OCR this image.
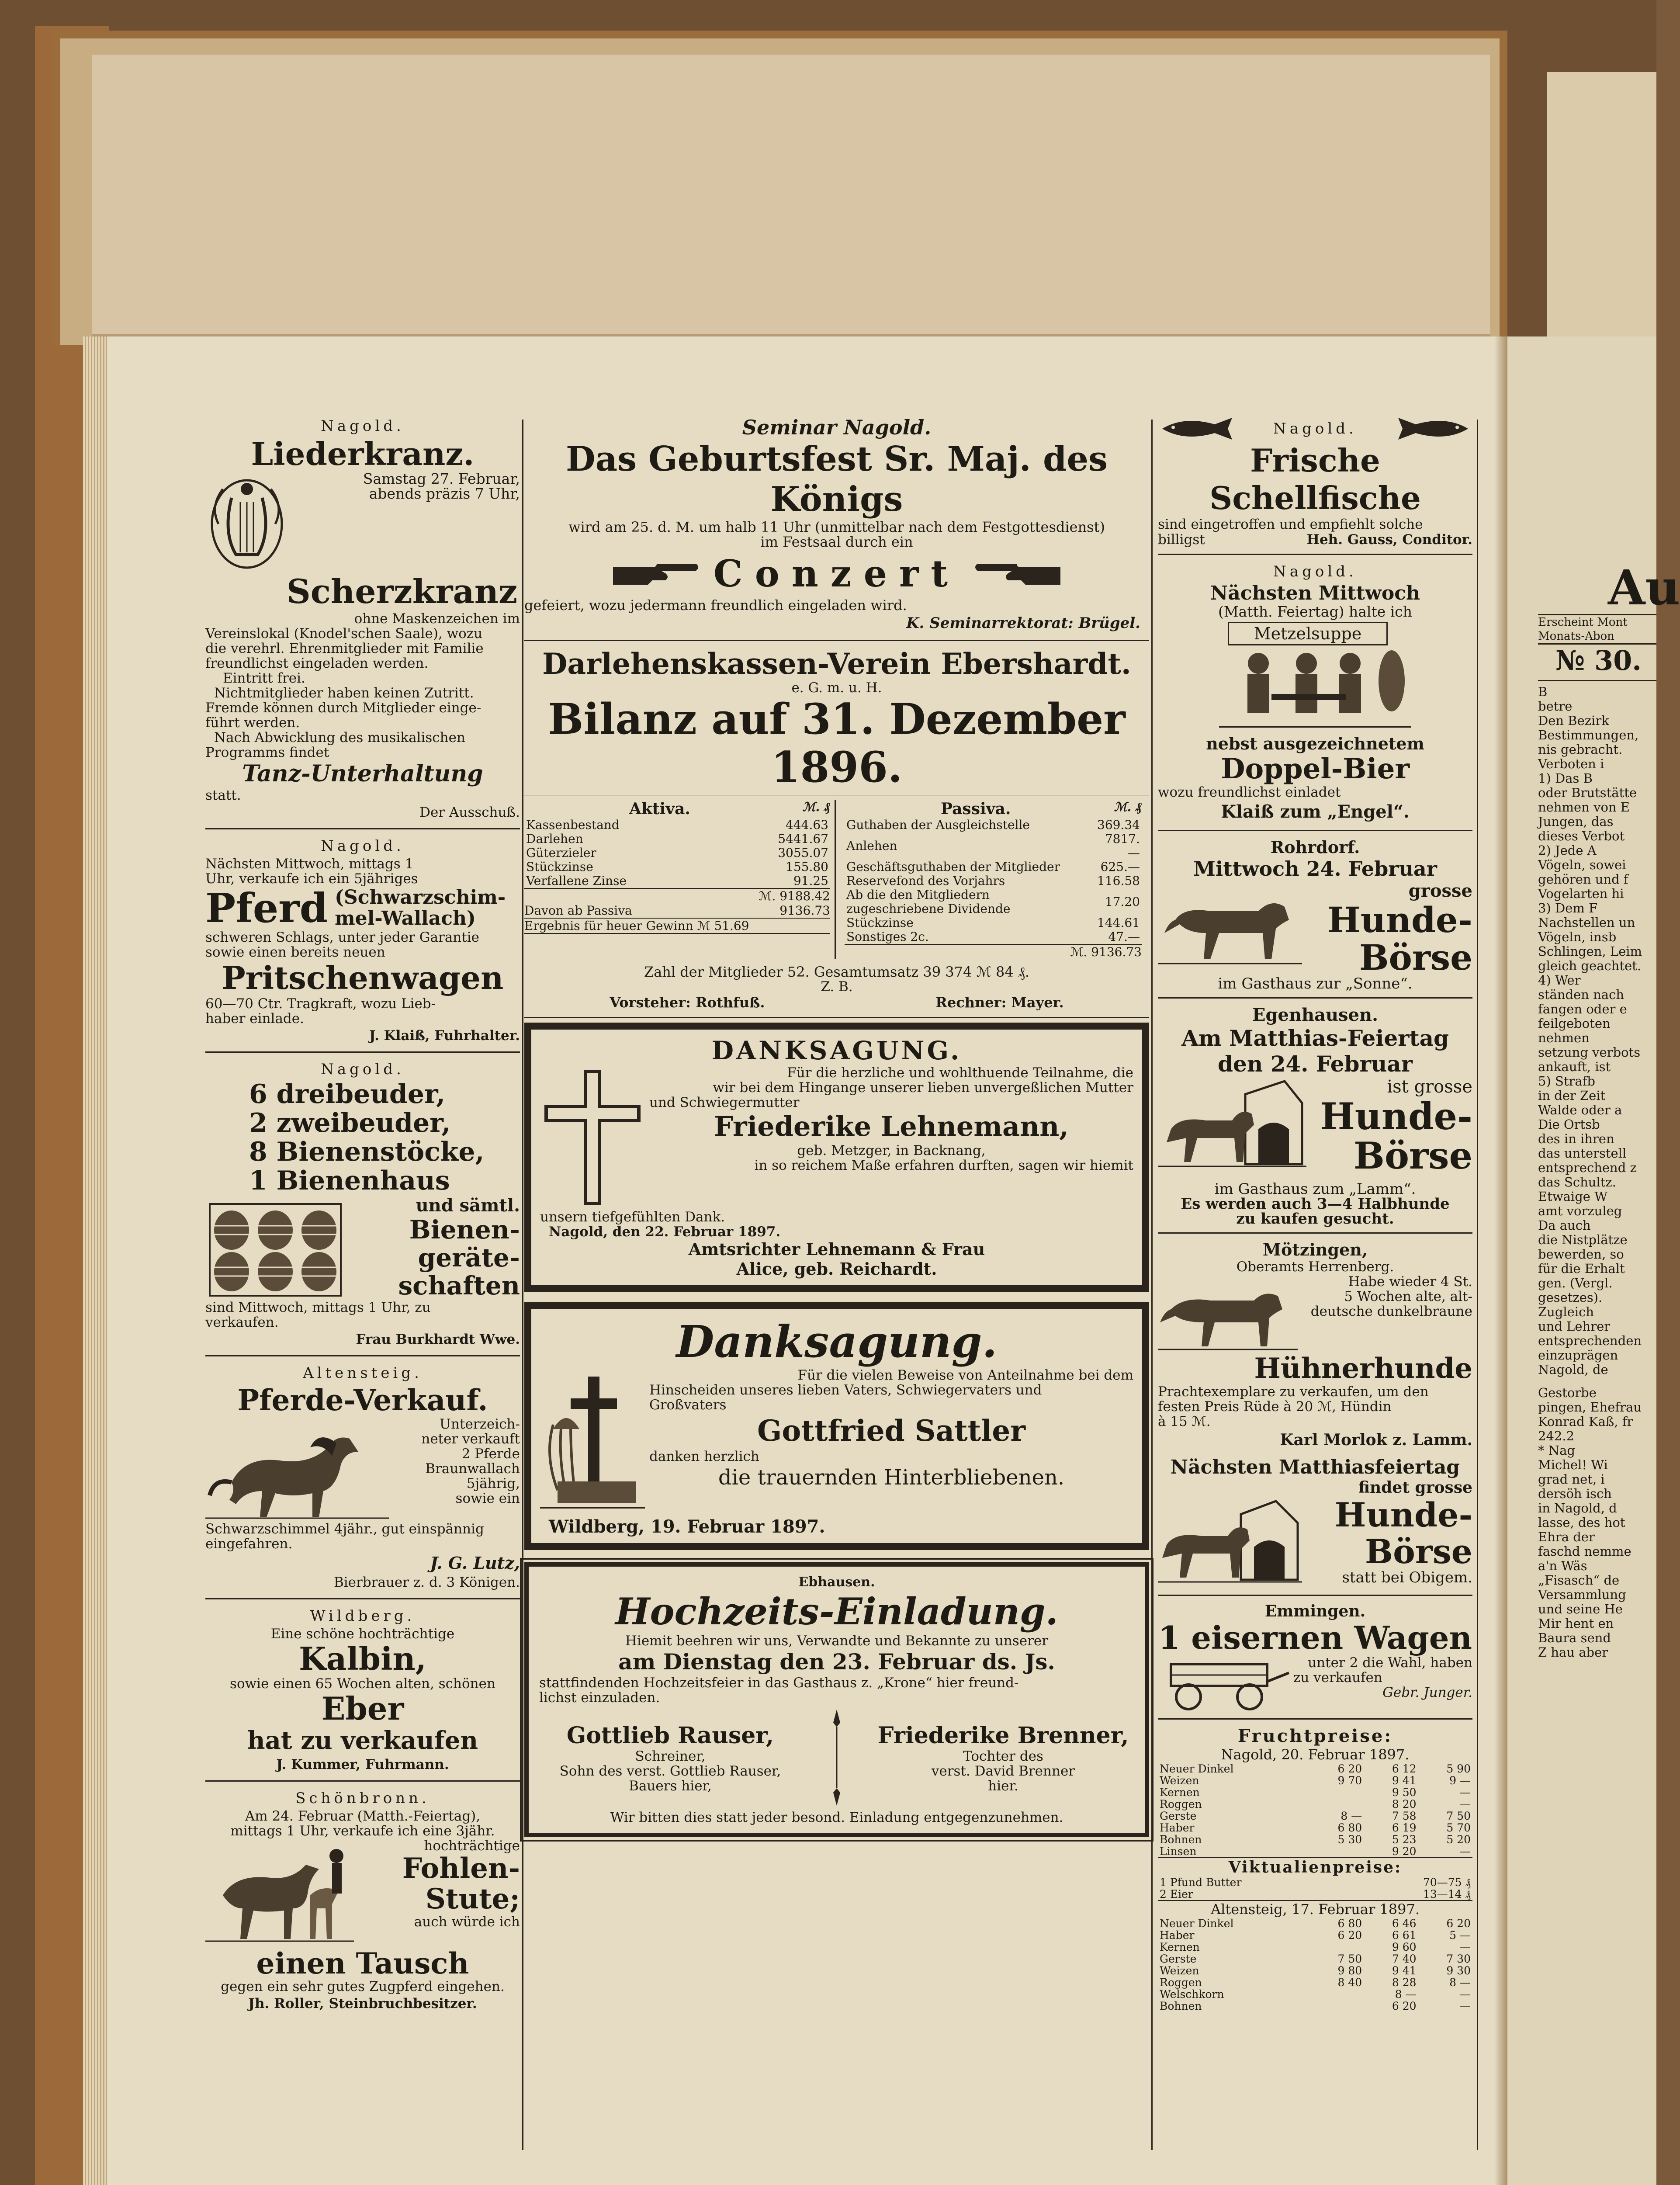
Nagold.
Liederkranz.
Samstag 27. Februar,
abends präzis 7 Uhr,
Scherzkranz
ohne Maskenzeichen im
Vereinslokal (Knodel'schen Saale), wozu
die verehrl. Ehrenmitglieder mit Familie
freundlichst eingeladen werden.
Eintritt frei.
Nichtmitglieder haben keinen Zutritt.
Fremde können durch Mitglieder einge-
führt werden.
Nach Abwicklung des musikalischen
Programms findet
Tanz-Unterhaltung
statt.
Der Ausschuß.
Nagold.
Nächsten Mittwoch, mittags 1
Uhr, verkaufe ich ein 5jähriges
Pferd (Schwarzschim-mel-Wallach)
schweren Schlags, unter jeder Garantie
sowie einen bereits neuen
Pritschenwagen
60—70 Ctr. Tragkraft, wozu Lieb-
haber einlade.
J. Klaiß, Fuhrhalter.
Nagold.
6 dreibeuder,
2 zweibeuder,
8 Bienenstöcke,
1 Bienenhaus
und sämtl.
Bienen-
geräte-
schaften
sind Mittwoch, mittags 1 Uhr, zu
verkaufen.
Frau Burkhardt Wwe.
Altensteig.
Pferde-Verkauf.
Unterzeich-
neter verkauft
2 Pferde
Braunwallach
5jährig,
sowie ein
Schwarzschimmel 4jähr., gut einspännig
eingefahren.
J. G. Lutz,
Bierbrauer z. d. 3 Königen.
Wildberg.
Eine schöne hochträchtige
Kalbin,
sowie einen 65 Wochen alten, schönen
Eber
hat zu verkaufen
J. Kummer, Fuhrmann.
Schönbronn.
Am 24. Februar (Matth.-Feiertag),
mittags 1 Uhr, verkaufe ich eine 3jähr.
hochträchtige
Fohlen-
Stute;
auch würde ich
einen Tausch
gegen ein sehr gutes Zugpferd eingehen.
Jh. Roller, Steinbruchbesitzer.
Seminar Nagold.
Das Geburtsfest Sr. Maj. des Königs
wird am 25. d. M. um halb 11 Uhr (unmittelbar nach dem Festgottesdienst)
im Festsaal durch ein
Conzert
gefeiert, wozu jedermann freundlich eingeladen wird.
K. Seminarrektorat: Brügel.
Darlehenskassen-Verein Ebershardt.
e. G. m. u. H.
Bilanz auf 31. Dezember 1896.
Aktiva.	ℳ. ₰
Kassenbestand	444.63
Darlehen	5441.67
Güterzieler	3055.07
Stückzinse	155.80
Verfallene Zinse	91.25
ℳ. 9188.42
Davon ab Passiva	9136.73
Ergebnis für heuer Gewinn ℳ 51.69
Passiva.	ℳ. ₰
Guthaben der Ausgleichstelle	369.34
Anlehen	7817.—
Geschäftsguthaben der Mitglieder	625.—
Reservefond des Vorjahrs	116.58
Ab die den Mitgliedern zugeschriebene Dividende	17.20
Stückzinse	144.61
Sonstiges 2c.	47.—
ℳ. 9136.73
Zahl der Mitglieder 52. Gesamtumsatz 39 374 ℳ 84 ₰.
Z. B.
Vorsteher: Rothfuß.	Rechner: Mayer.
DANKSAGUNG.
Für die herzliche und wohlthuende Teilnahme, die
wir bei dem Hingange unserer lieben unvergeßlichen Mutter
und Schwiegermutter
Friederike Lehnemann,
geb. Metzger, in Backnang,
in so reichem Maße erfahren durften, sagen wir hiemit
unsern tiefgefühlten Dank.
Nagold, den 22. Februar 1897.
Amtsrichter Lehnemann & Frau
Alice, geb. Reichardt.
Danksagung.
Für die vielen Beweise von Anteilnahme bei dem
Hinscheiden unseres lieben Vaters, Schwiegervaters und
Großvaters
Gottfried Sattler
danken herzlich
die trauernden Hinterbliebenen.
Wildberg, 19. Februar 1897.
Ebhausen.
Hochzeits-Einladung.
Hiemit beehren wir uns, Verwandte und Bekannte zu unserer
am Dienstag den 23. Februar ds. Js.
stattfindenden Hochzeitsfeier in das Gasthaus z. „Krone“ hier freund-
lichst einzuladen.
Gottlieb Rauser,
Schreiner,
Sohn des verst. Gottlieb Rauser,
Bauers hier,
Friederike Brenner,
Tochter des
verst. David Brenner
hier.
Wir bitten dies statt jeder besond. Einladung entgegenzunehmen.
Nagold.
Frische Schellfische
sind eingetroffen und empfiehlt solche
billigst	Heh. Gauss, Conditor.
Nagold.
Nächsten Mittwoch
(Matth. Feiertag) halte ich
Metzelsuppe
nebst ausgezeichnetem
Doppel-Bier
wozu freundlichst einladet
Klaiß zum „Engel“.
Rohrdorf.
Mittwoch 24. Februar
grosse
Hunde-
Börse
im Gasthaus zur „Sonne“.
Egenhausen.
Am Matthias-Feiertag
den 24. Februar
ist grosse
Hunde-
Börse
im Gasthaus zum „Lamm“.
Es werden auch 3—4 Halbhunde
zu kaufen gesucht.
Mötzingen,
Oberamts Herrenberg.
Habe wieder 4 St.
5 Wochen alte, alt-
deutsche dunkelbraune
Hühnerhunde
Prachtexemplare zu verkaufen, um den
festen Preis Rüde à 20 ℳ, Hündin
à 15 ℳ.
Karl Morlok z. Lamm.
Nächsten Matthiasfeiertag
findet grosse
Hunde-
Börse
statt bei Obigem.
Emmingen.
1 eisernen Wagen
unter 2 die Wahl, haben
zu verkaufen
Gebr. Junger.
Fruchtpreise:
Nagold, 20. Februar 1897.
Neuer Dinkel	6 20	6 12	5 90
Weizen	9 70	9 41	9 —
Kernen		9 50	—
Roggen		8 20	—
Gerste	8 —	7 58	7 50
Haber	6 80	6 19	5 70
Bohnen	5 30	5 23	5 20
Linsen		9 20	—
Viktualienpreise:
1 Pfund Butter	70—75 ₰
2 Eier	13—14 ₰
Altensteig, 17. Februar 1897.
Neuer Dinkel	6 80	6 46	6 20
Haber	6 20	6 61	5 —
Kernen		9 60	—
Gerste	7 50	7 40	7 30
Weizen	9 80	9 41	9 30
Roggen	8 40	8 28	8 —
Welschkorn		8 —	—
Bohnen		6 20	—
Au
Erscheint Mont
Monats-Abon
№ 30.
B
betre
Den Bezirk
Bestimmungen,
nis gebracht.
Verboten i
1) Das B
oder Brutstätte
nehmen von E
Jungen, das
dieses Verbot
2) Jede A
Vögeln, sowei
gehören und f
Vogelarten hi
3) Dem F
Nachstellen un
Vögeln, insb
Schlingen, Leim
gleich geachtet.
4) Wer
ständen nach
fangen oder e
feilgeboten nehmen
setzung verbots
ankauft, ist
5) Strafb
in der Zeit
Walde oder a
Die Ortsb
des in ihren
das unterstell
entsprechend z
das Schultz.
Etwaige W
amt vorzuleg
Da auch
die Nistplätze
bewerden, so
für die Erhalt
gen. (Vergl.
gesetzes).
Zugleich
und Lehrer
entsprechenden
einzuprägen
Nagold, de
Gestorbe
pingen, Ehefrau
Konrad Kaß, fr
242.2
* Nag
Michel! Wi
grad net, i
dersöh isch
in Nagold, d
lasse, des hot
Ehra der
faschd nemme
a'n Wäs
„Fisasch“ de
Versammlung
und seine He
Mir hent en
Baura send
Z hau aber
